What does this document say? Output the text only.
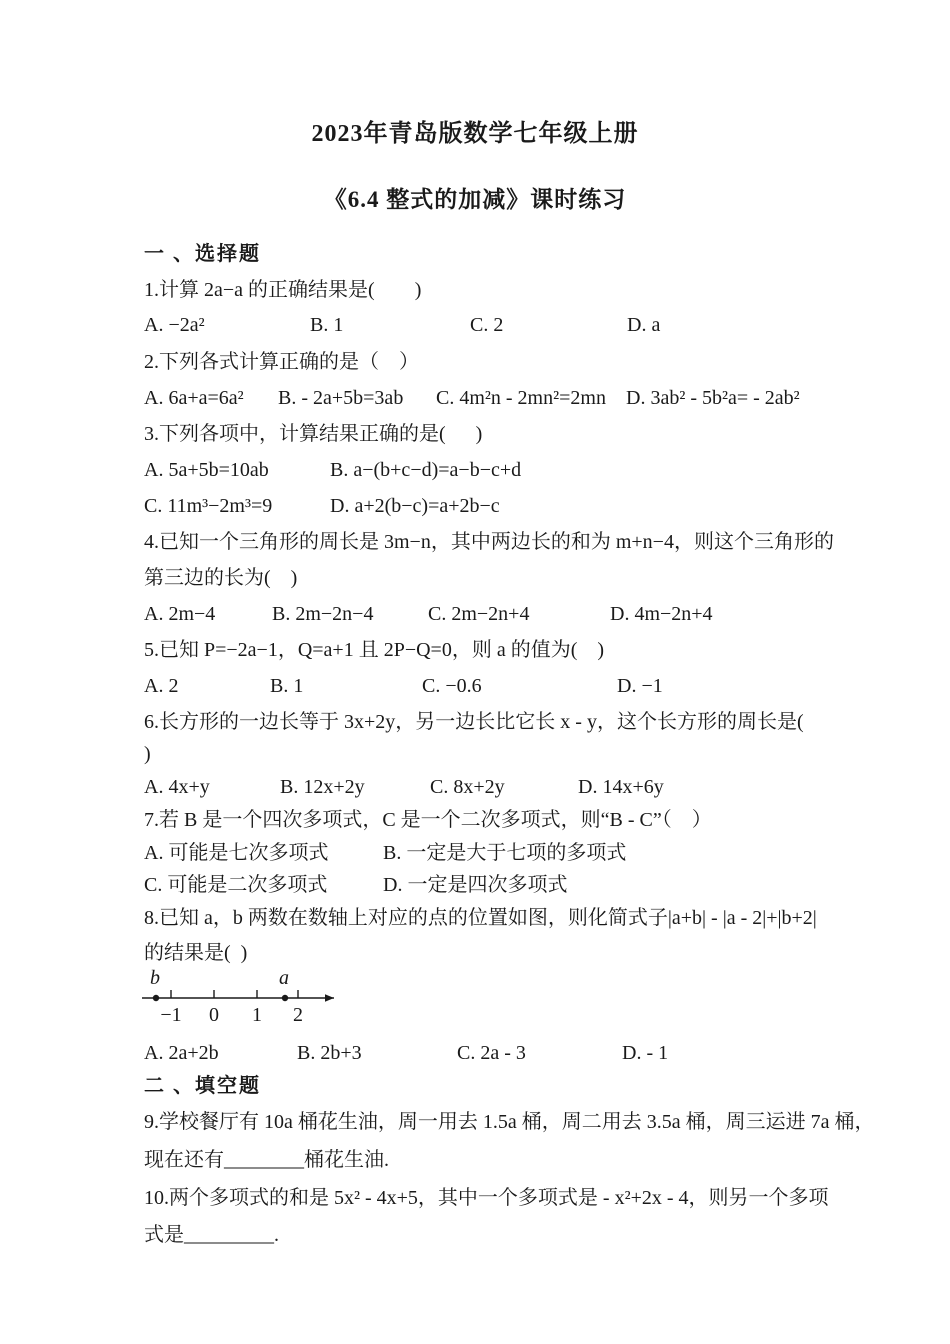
2023年青岛版数学七年级上册
《6.4 整式的加减》课时练习
一 、选择题
1.计算 2a−a 的正确结果是(        )
A. −2a²	B. 1	C. 2	D. a
2.下列各式计算正确的是（    ）
A. 6a+a=6a² B. - 2a+5b=3ab C. 4m²n - 2mn²=2mn D. 3ab² - 5b²a= - 2ab²
3.下列各项中，计算结果正确的是(      )
A. 5a+5b=10ab	B. a−(b+c−d)=a−b−c+d
C. 11m³−2m³=9	D. a+2(b−c)=a+2b−c
4.已知一个三角形的周长是 3m−n，其中两边长的和为 m+n−4，则这个三角形的
第三边的长为(    )
A. 2m−4	B. 2m−2n−4	C. 2m−2n+4	D. 4m−2n+4
5.已知 P=−2a−1，Q=a+1 且 2P−Q=0，则 a 的值为(    )
A. 2	B. 1	C. −0.6	D. −1
6.长方形的一边长等于 3x+2y，另一边长比它长 x - y，这个长方形的周长是(
)
A. 4x+y	B. 12x+2y	C. 8x+2y	D. 14x+6y
7.若 B 是一个四次多项式，C 是一个二次多项式，则“B - C”（    ）
A. 可能是七次多项式	B. 一定是大于七项的多项式
C. 可能是二次多项式	D. 一定是四次多项式
8.已知 a，b 两数在数轴上对应的点的位置如图，则化简式子|a+b| - |a - 2|+|b+2|
的结果是(  )
b	a
−1 0 1 2
A. 2a+2b	B. 2b+3	C. 2a - 3	D. - 1
二 、填空题
9.学校餐厅有 10a 桶花生油，周一用去 1.5a 桶，周二用去 3.5a 桶，周三运进 7a 桶，
现在还有________桶花生油.
10.两个多项式的和是 5x² - 4x+5，其中一个多项式是 - x²+2x - 4，则另一个多项
式是_________.
